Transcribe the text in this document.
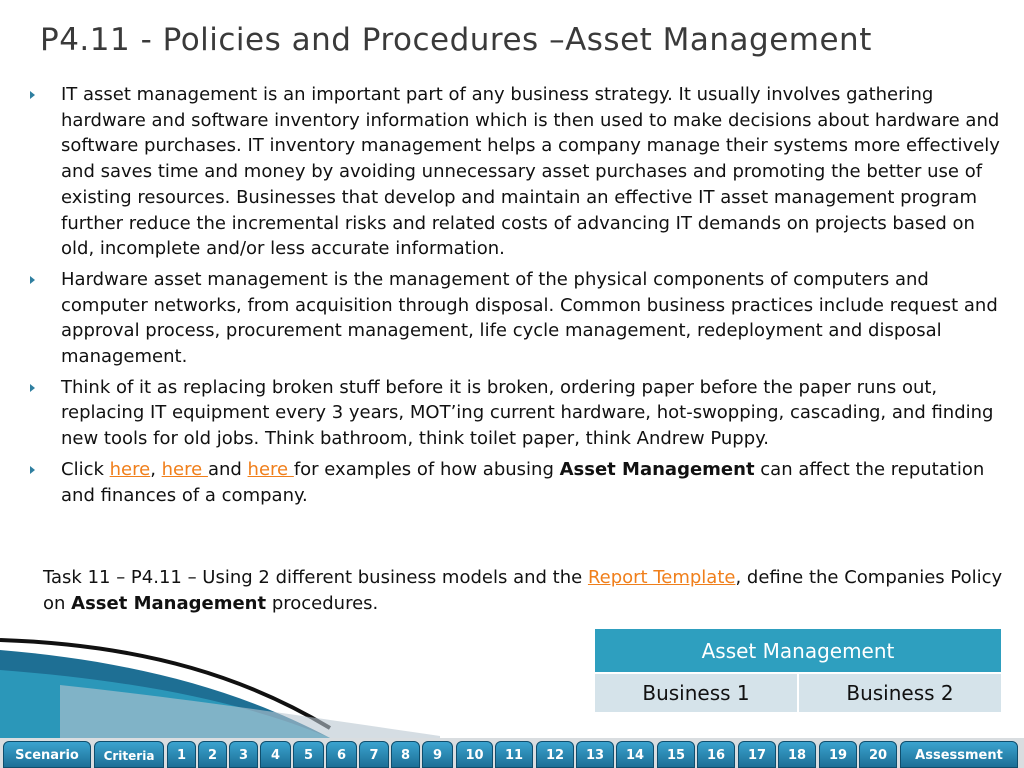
P4.11 - Policies and Procedures –Asset Management
IT asset management is an important part of any business strategy. It usually involves gathering hardware and software inventory information which is then used to make decisions about hardware and software purchases. IT inventory management helps a company manage their systems more effectively and saves time and money by avoiding unnecessary asset purchases and promoting the better use of existing resources. Businesses that develop and maintain an effective IT asset management program further reduce the incremental risks and related costs of advancing IT demands on projects based on old, incomplete and/or less accurate information.
Hardware asset management is the management of the physical components of computers and computer networks, from acquisition through disposal. Common business practices include request and approval process, procurement management, life cycle management, redeployment and disposal management.
Think of it as replacing broken stuff before it is broken, ordering paper before the paper runs out, replacing IT equipment every 3 years, MOT’ing current hardware, hot-swopping, cascading, and finding new tools for old jobs. Think bathroom, think toilet paper, think Andrew Puppy.
Click here, here and here for examples of how abusing Asset Management can affect the reputation and finances of a company.
Task 11 – P4.11 – Using 2 different business models and the Report Template, define the Companies Policy on Asset Management procedures.
Asset Management
Business 1	Business 2
Scenario	Criteria	1	2	3	4	5	6	7	8	9	10	11	12	13	14	15	16	17	18	19	20	Assessment
